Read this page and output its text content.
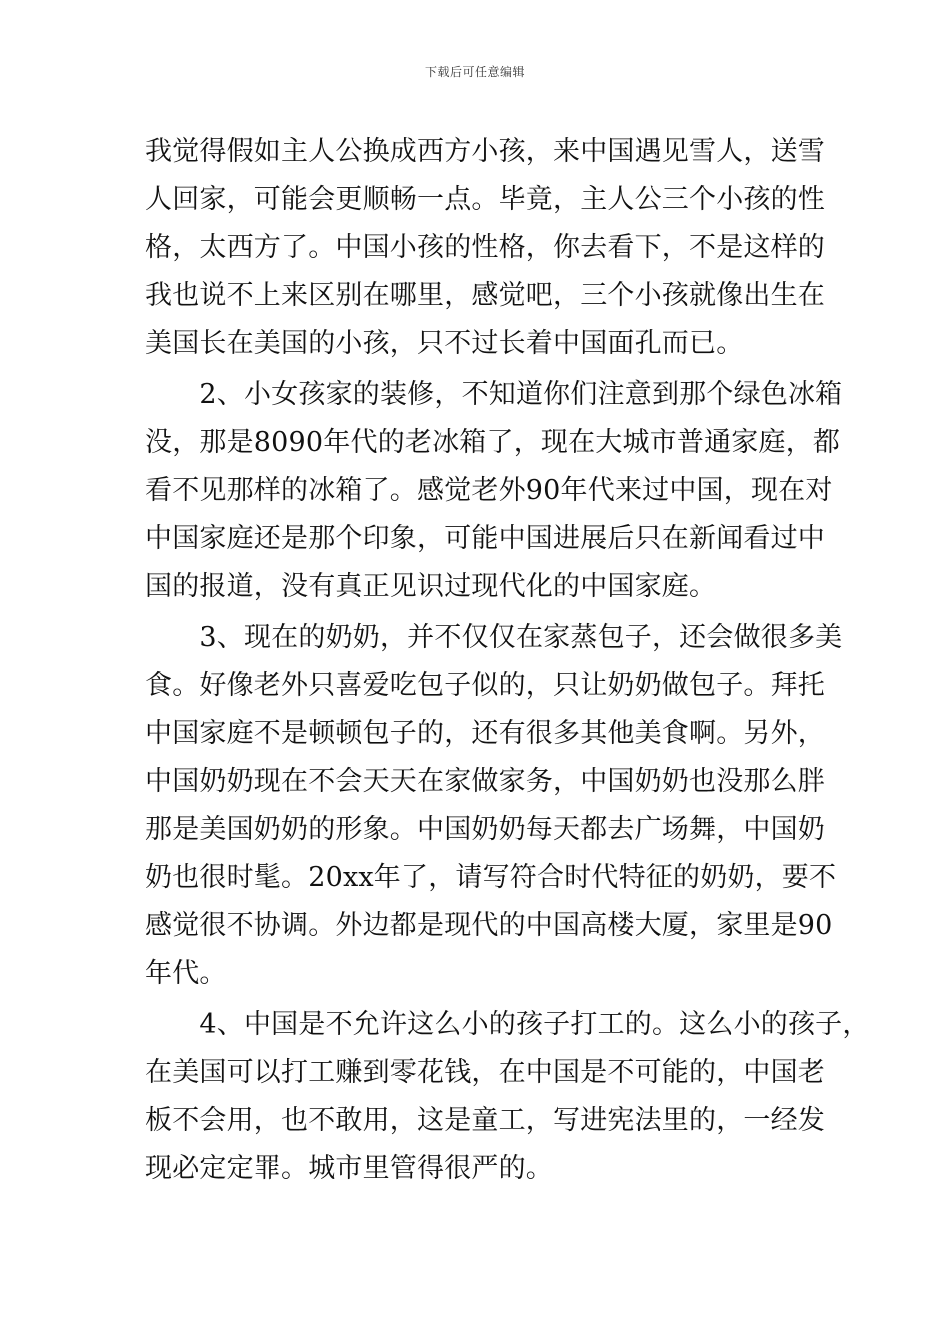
下载后可任意编辑
我觉得假如主人公换成西方小孩，来中国遇见雪人，送雪
人回家，可能会更顺畅一点。毕竟，主人公三个小孩的性
格，太西方了。中国小孩的性格，你去看下，不是这样的
我也说不上来区别在哪里，感觉吧，三个小孩就像出生在
美国长在美国的小孩，只不过长着中国面孔而已。
　　2、小女孩家的装修，不知道你们注意到那个绿色冰箱
没，那是8090年代的老冰箱了，现在大城市普通家庭，都
看不见那样的冰箱了。感觉老外90年代来过中国，现在对
中国家庭还是那个印象，可能中国进展后只在新闻看过中
国的报道，没有真正见识过现代化的中国家庭。
　　3、现在的奶奶，并不仅仅在家蒸包子，还会做很多美
食。好像老外只喜爱吃包子似的，只让奶奶做包子。拜托
中国家庭不是顿顿包子的，还有很多其他美食啊。另外，
中国奶奶现在不会天天在家做家务，中国奶奶也没那么胖
那是美国奶奶的形象。中国奶奶每天都去广场舞，中国奶
奶也很时髦。20xx年了，请写符合时代特征的奶奶，要不
感觉很不协调。外边都是现代的中国高楼大厦，家里是90
年代。
　　4、中国是不允许这么小的孩子打工的。这么小的孩子，
在美国可以打工赚到零花钱，在中国是不可能的，中国老
板不会用，也不敢用，这是童工，写进宪法里的，一经发
现必定定罪。城市里管得很严的。
